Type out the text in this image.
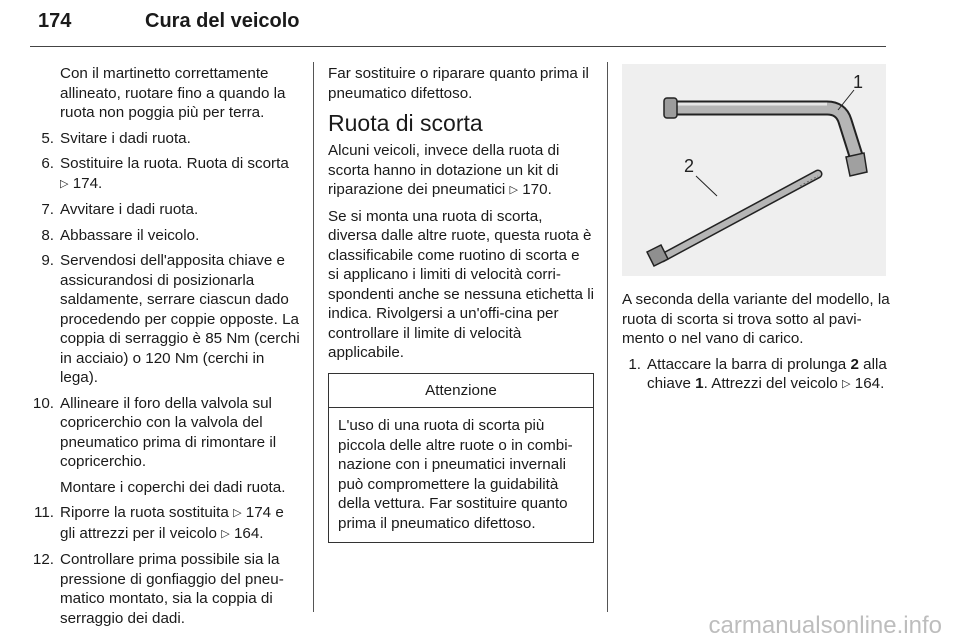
174	Cura del veicolo
Con il martinetto correttamente allineato, ruotare fino a quando la ruota non poggia più per terra.
5. Svitare i dadi ruota.
6. Sostituire la ruota. Ruota di scorta ▷ 174.
7. Avvitare i dadi ruota.
8. Abbassare il veicolo.
9. Servendosi dell'apposita chiave e assicurandosi di posizionarla saldamente, serrare ciascun dado procedendo per coppie opposte. La coppia di serraggio è 85 Nm (cerchi in acciaio) o 120 Nm (cerchi in lega).
10. Allineare il foro della valvola sul copricerchio con la valvola del pneumatico prima di rimontare il copricerchio.
Montare i coperchi dei dadi ruota.
11. Riporre la ruota sostituita ▷ 174 e gli attrezzi per il veicolo ▷ 164.
12. Controllare prima possibile sia la pressione di gonfiaggio del pneu-matico montato, sia la coppia di serraggio dei dadi.
Far sostituire o riparare quanto prima il pneumatico difettoso.
Ruota di scorta
Alcuni veicoli, invece della ruota di scorta hanno in dotazione un kit di riparazione dei pneumatici ▷ 170.
Se si monta una ruota di scorta, diversa dalle altre ruote, questa ruota è classificabile come ruotino di scorta e si applicano i limiti di velocità corri-spondenti anche se nessuna etichetta li indica. Rivolgersi a un'offi-cina per controllare il limite di velocità applicabile.
Attenzione
L'uso di una ruota di scorta più piccola delle altre ruote o in combi-nazione con i pneumatici invernali può compromettere la guidabilità della vettura. Far sostituire quanto prima il pneumatico difettoso.
1
2
A seconda della variante del modello, la ruota di scorta si trova sotto al pavi-mento o nel vano di carico.
1. Attaccare la barra di prolunga 2 alla chiave 1. Attrezzi del veicolo ▷ 164.
carmanualsonline.info
